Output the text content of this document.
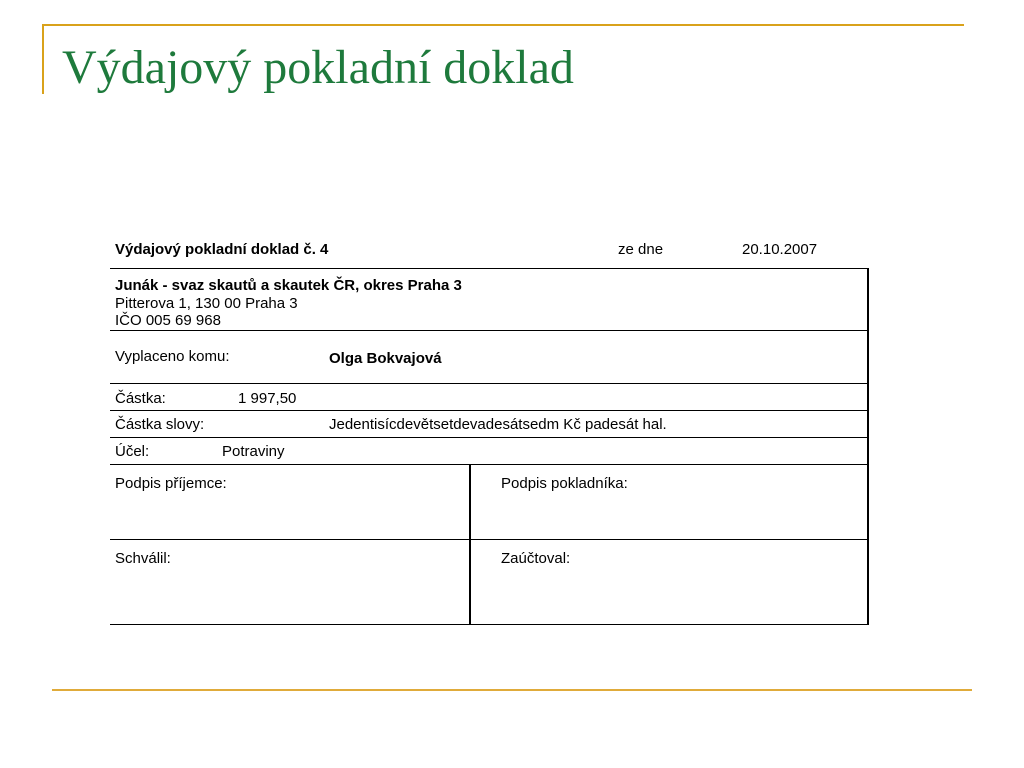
Výdajový pokladní doklad
Výdajový pokladní doklad č. 4	ze dne	20.10.2007
Junák - svaz skautů a skautek ČR, okres Praha 3
Pitterova 1, 130 00 Praha 3
IČO 005 69 968
Vyplaceno komu:	Olga Bokvajová
Částka:	1 997,50
Částka slovy:	Jedentisícdevětsetdevadesátsedm Kč padesát hal.
Účel:	Potraviny
Podpis příjemce:	Podpis pokladníka:
Schválil:	Zaúčtoval:
